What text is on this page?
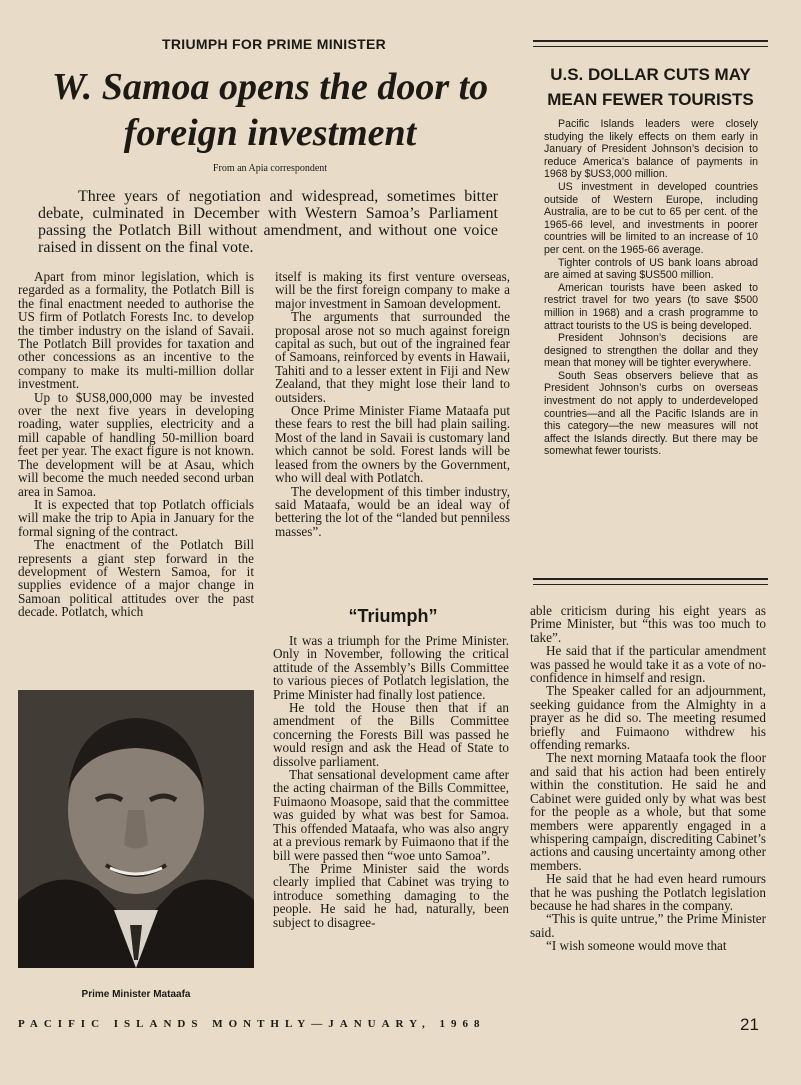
TRIUMPH FOR PRIME MINISTER
W. Samoa opens the door to foreign investment
From an Apia correspondent
Three years of negotiation and widespread, sometimes bitter debate, culminated in December with Western Samoa’s Parliament passing the Potlatch Bill without amendment, and without one voice raised in dissent on the final vote.

Apart from minor legislation, which is regarded as a formality, the Potlatch Bill is the final enactment needed to authorise the US firm of Potlatch Forests Inc. to develop the timber industry on the island of Savaii. The Potlatch Bill provides for taxation and other concessions as an incentive to the company to make its multi-million dollar investment.

Up to $US8,000,000 may be invested over the next five years in developing roading, water supplies, electricity and a mill capable of handling 50-million board feet per year. The exact figure is not known. The development will be at Asau, which will become the much needed second urban area in Samoa.

It is expected that top Potlatch officials will make the trip to Apia in January for the formal signing of the contract.

The enactment of the Potlatch Bill represents a giant step forward in the development of Western Samoa, for it supplies evidence of a major change in Samoan political attitudes over the past decade. Potlatch, which

Prime Minister Mataafa

itself is making its first venture overseas, will be the first foreign company to make a major investment in Samoan development.

The arguments that surrounded the proposal arose not so much against foreign capital as such, but out of the ingrained fear of Samoans, reinforced by events in Hawaii, Tahiti and to a lesser extent in Fiji and New Zealand, that they might lose their land to outsiders.

Once Prime Minister Fiame Mataafa put these fears to rest the bill had plain sailing. Most of the land in Savaii is customary land which cannot be sold. Forest lands will be leased from the owners by the Government, who will deal with Potlatch.

The development of this timber industry, said Mataafa, would be an ideal way of bettering the lot of the “landed but penniless masses”.

“Triumph”

It was a triumph for the Prime Minister. Only in November, following the critical attitude of the Assembly’s Bills Committee to various pieces of Potlatch legislation, the Prime Minister had finally lost patience.

He told the House then that if an amendment of the Bills Committee concerning the Forests Bill was passed he would resign and ask the Head of State to dissolve parliament.

That sensational development came after the acting chairman of the Bills Committee, Fuimaono Moasope, said that the committee was guided by what was best for Samoa. This offended Mataafa, who was also angry at a previous remark by Fuimaono that if the bill were passed then “woe unto Samoa”.

The Prime Minister said the words clearly implied that Cabinet was trying to introduce something damaging to the people. He said he had, naturally, been subject to disagree-

able criticism during his eight years as Prime Minister, but “this was too much to take”.

He said that if the particular amendment was passed he would take it as a vote of no-confidence in himself and resign.

The Speaker called for an adjournment, seeking guidance from the Almighty in a prayer as he did so. The meeting resumed briefly and Fuimaono withdrew his offending remarks.

The next morning Mataafa took the floor and said that his action had been entirely within the constitution. He said he and Cabinet were guided only by what was best for the people as a whole, but that some members were apparently engaged in a whispering campaign, discrediting Cabinet’s actions and causing uncertainty among other members.

He said that he had even heard rumours that he was pushing the Potlatch legislation because he had shares in the company.

“This is quite untrue,” the Prime Minister said.

“I wish someone would move that

U.S. DOLLAR CUTS MAY MEAN FEWER TOURISTS

Pacific Islands leaders were closely studying the likely effects on them early in January of President Johnson’s decision to reduce America’s balance of payments in 1968 by $US3,000 million.

US investment in developed countries outside of Western Europe, including Australia, are to be cut to 65 per cent. of the 1965-66 level, and investments in poorer countries will be limited to an increase of 10 per cent. on the 1965-66 average.

Tighter controls of US bank loans abroad are aimed at saving $US500 million.

American tourists have been asked to restrict travel for two years (to save $500 million in 1968) and a crash programme to attract tourists to the US is being developed.

President Johnson’s decisions are designed to strengthen the dollar and they mean that money will be tighter everywhere.

South Seas observers believe that as President Johnson’s curbs on overseas investment do not apply to underdeveloped countries—and all the Pacific Islands are in this category—the new measures will not affect the Islands directly. But there may be somewhat fewer tourists.

PACIFIC ISLANDS MONTHLY—JANUARY, 1968	21
